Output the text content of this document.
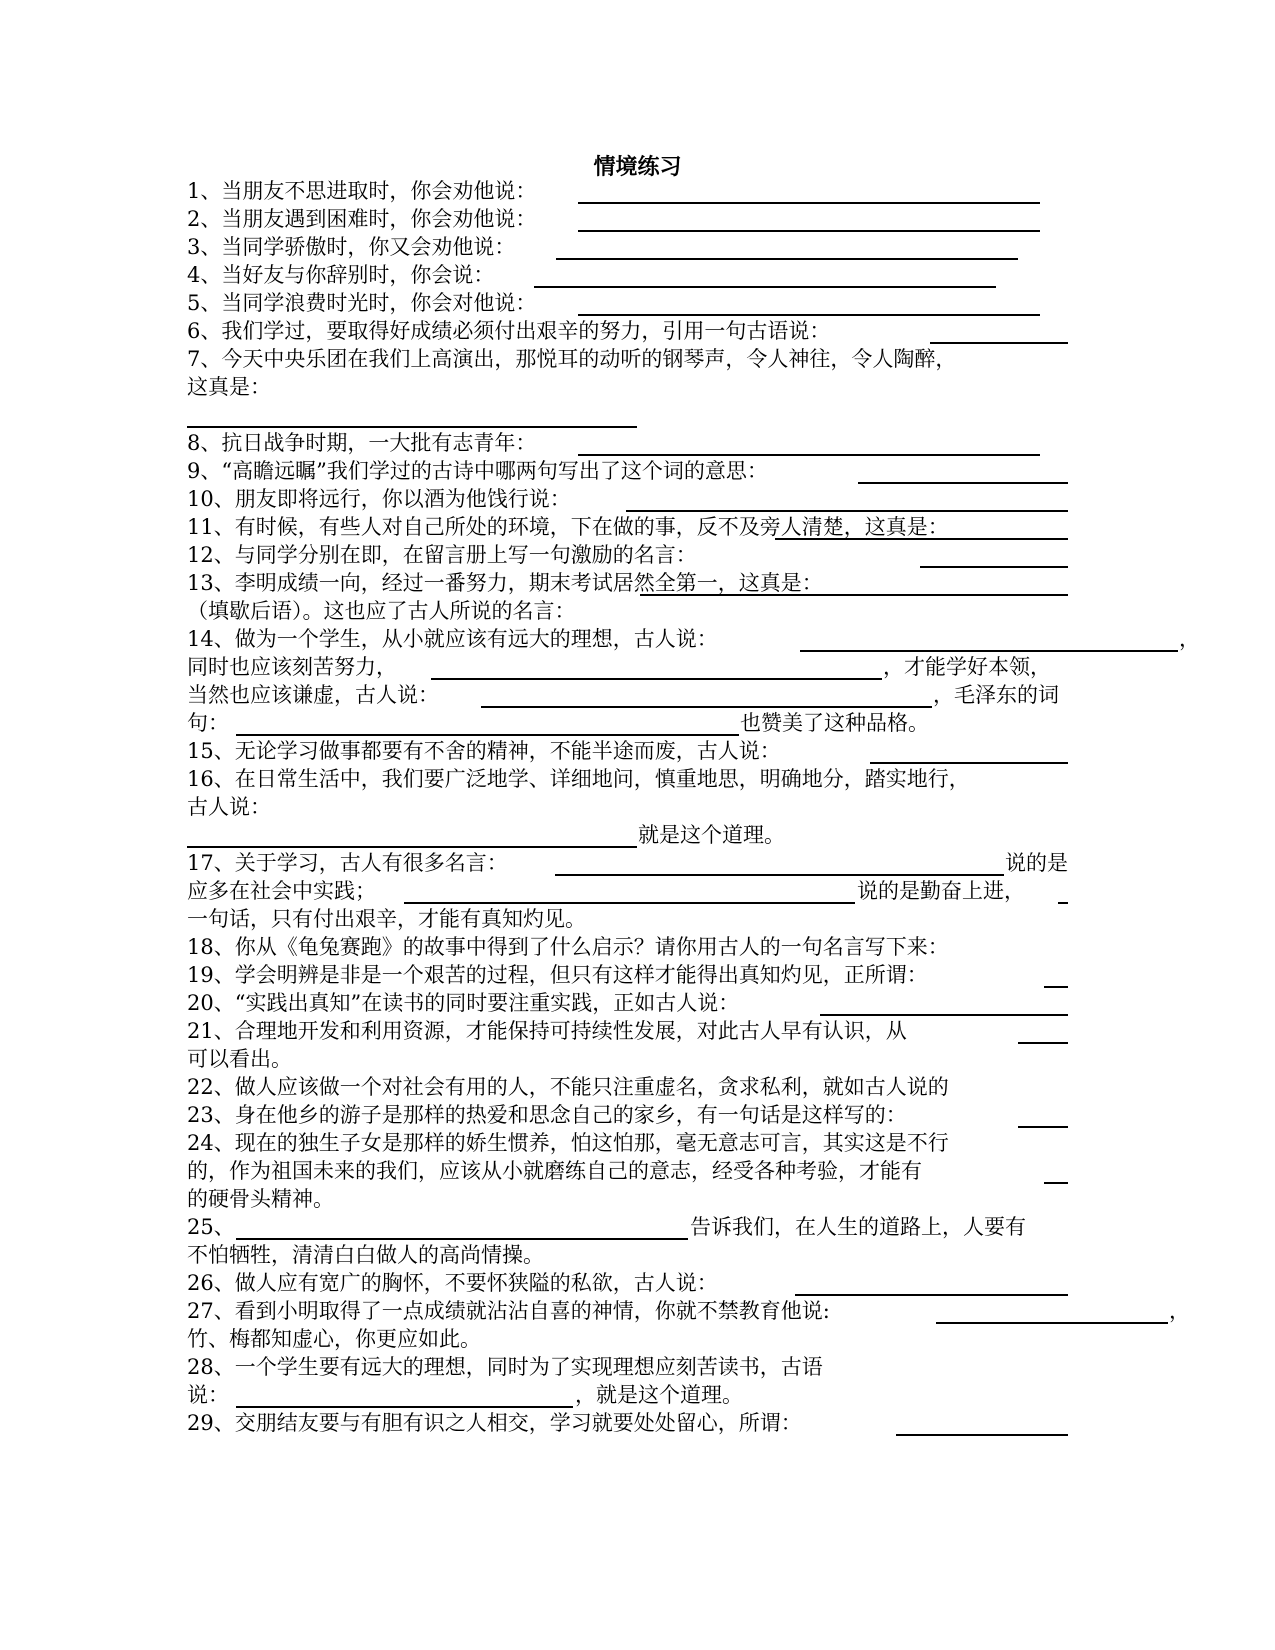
情境练习
1、当朋友不思进取时，你会劝他说：
2、当朋友遇到困难时，你会劝他说：
3、当同学骄傲时，你又会劝他说：
4、当好友与你辞别时，你会说：
5、当同学浪费时光时，你会对他说：
6、我们学过，要取得好成绩必须付出艰辛的努力，引用一句古语说：
7、今天中央乐团在我们上高演出，那悦耳的动听的钢琴声，令人神往，令人陶醉，
这真是：
8、抗日战争时期，一大批有志青年：
9、“高瞻远瞩”我们学过的古诗中哪两句写出了这个词的意思：
10、朋友即将远行，你以酒为他饯行说：
11、有时候，有些人对自己所处的环境，下在做的事，反不及旁人清楚，这真是：
12、与同学分别在即，在留言册上写一句激励的名言：
13、李明成绩一向，经过一番努力，期末考试居然全第一，这真是：
（填歇后语）。这也应了古人所说的名言：
14、做为一个学生，从小就应该有远大的理想，古人说：
同时也应该刻苦努力，
当然也应该谦虚，古人说：
句：
15、无论学习做事都要有不舍的精神，不能半途而废，古人说：
16、在日常生活中，我们要广泛地学、详细地问，慎重地思，明确地分，踏实地行，
古人说：
17、关于学习，古人有很多名言：
应多在社会中实践；
一句话，只有付出艰辛，才能有真知灼见。
18、你从《龟兔赛跑》的故事中得到了什么启示？请你用古人的一句名言写下来：
19、学会明辨是非是一个艰苦的过程，但只有这样才能得出真知灼见，正所谓：
20、“实践出真知”在读书的同时要注重实践，正如古人说：
21、合理地开发和利用资源，才能保持可持续性发展，对此古人早有认识，从
可以看出。
22、做人应该做一个对社会有用的人，不能只注重虚名，贪求私利，就如古人说的
23、身在他乡的游子是那样的热爱和思念自己的家乡，有一句话是这样写的：
24、现在的独生子女是那样的娇生惯养，怕这怕那，毫无意志可言，其实这是不行
的，作为祖国未来的我们，应该从小就磨练自己的意志，经受各种考验，才能有
的硬骨头精神。
25、
不怕牺牲，清清白白做人的高尚情操。
26、做人应有宽广的胸怀，不要怀狭隘的私欲，古人说：
27、看到小明取得了一点成绩就沾沾自喜的神情，你就不禁教育他说:
竹、梅都知虚心，你更应如此。
28、一个学生要有远大的理想，同时为了实现理想应刻苦读书，古语
说：
29、交朋结友要与有胆有识之人相交，学习就要处处留心，所谓：
，才能学好本领，
，毛泽东的词
也赞美了这种品格。
就是这个道理。
说的是
说的是勤奋上进，
告诉我们，在人生的道路上，人要有
，
，就是这个道理。
，
